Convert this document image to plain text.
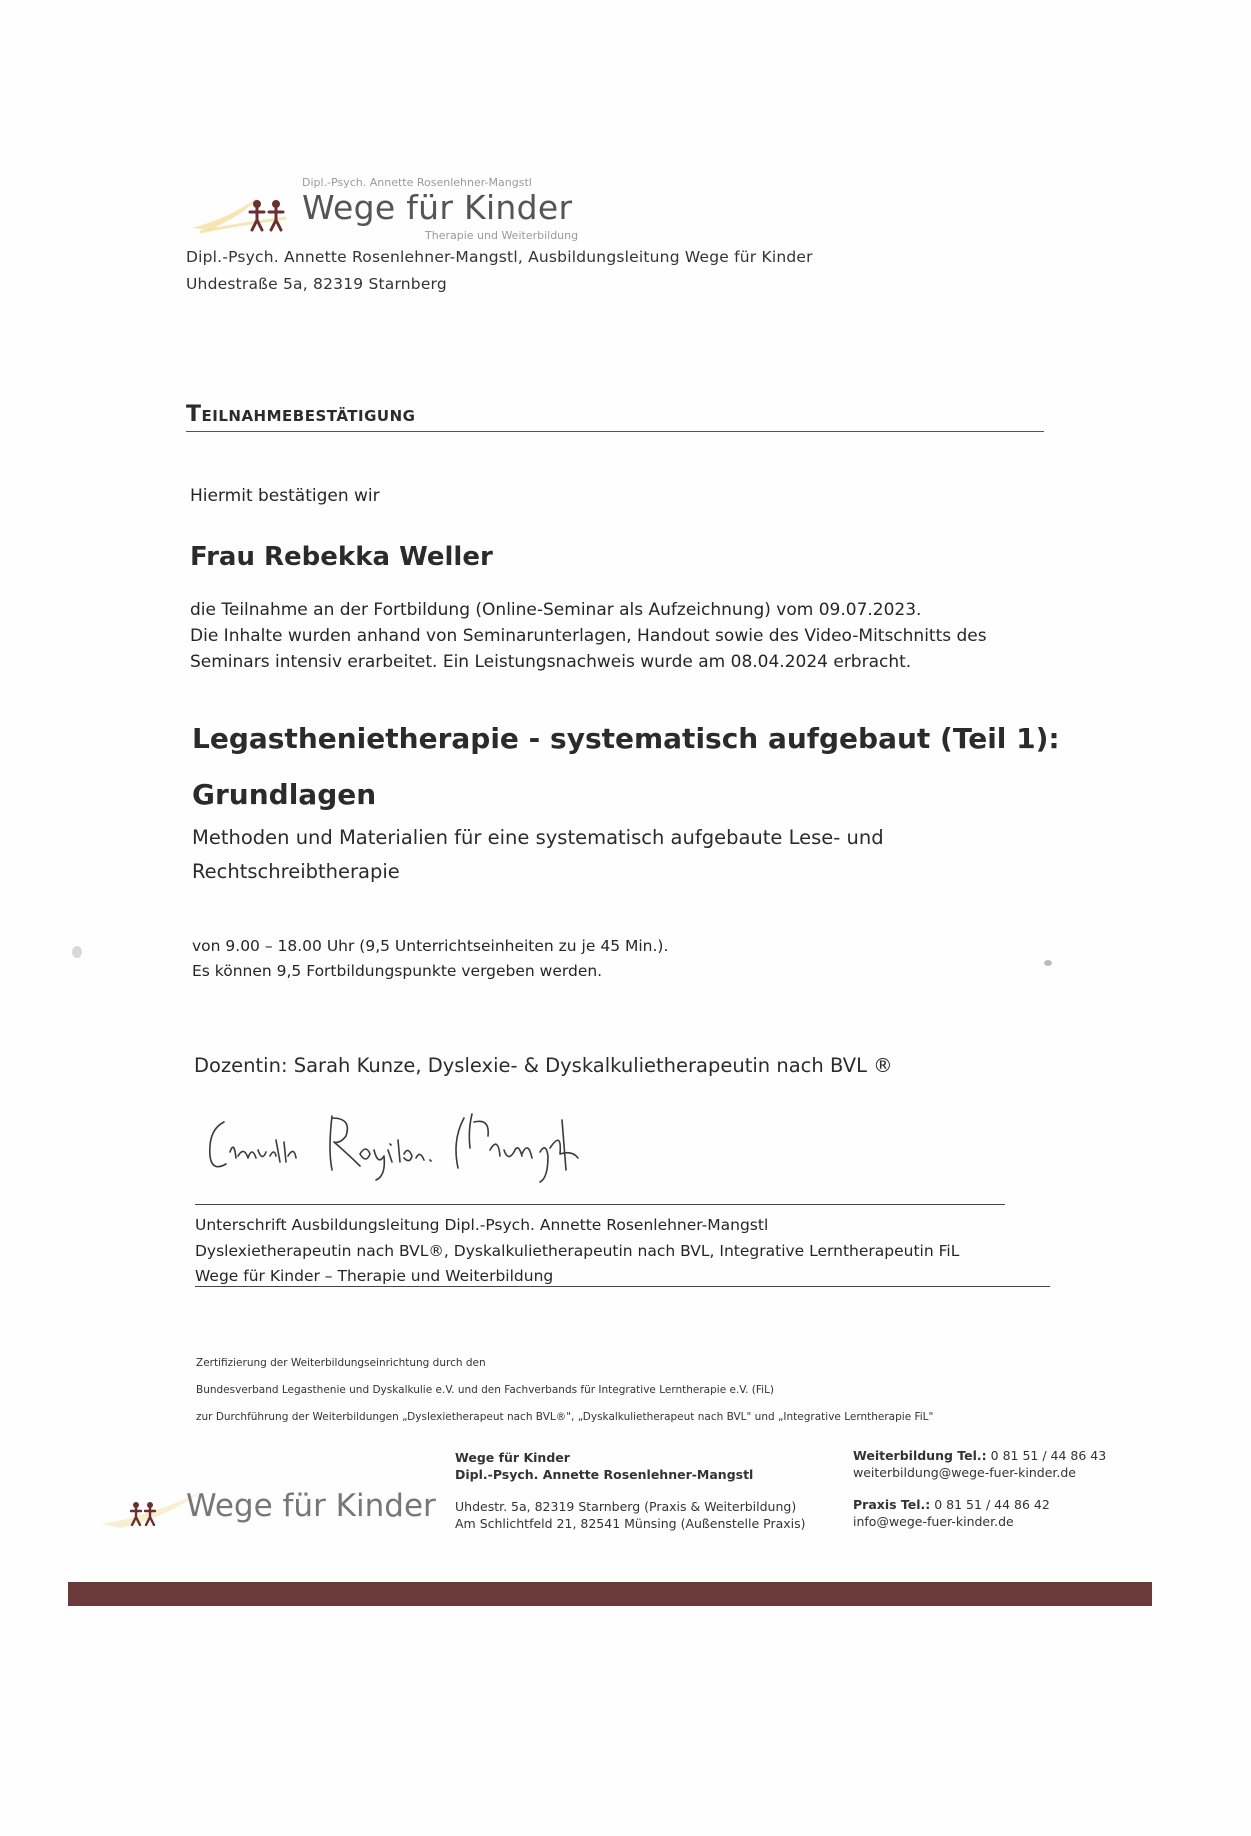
Dipl.-Psych. Annette Rosenlehner-Mangstl
Wege für Kinder
Therapie und Weiterbildung
Dipl.-Psych. Annette Rosenlehner-Mangstl, Ausbildungsleitung Wege für Kinder
Uhdestraße 5a, 82319 Starnberg
Teilnahmebestätigung
Hiermit bestätigen wir
Frau Rebekka Weller
die Teilnahme an der Fortbildung (Online-Seminar als Aufzeichnung) vom 09.07.2023.
Die Inhalte wurden anhand von Seminarunterlagen, Handout sowie des Video-Mitschnitts des
Seminars intensiv erarbeitet. Ein Leistungsnachweis wurde am 08.04.2024 erbracht.
Legasthenietherapie - systematisch aufgebaut (Teil 1):
Grundlagen
Methoden und Materialien für eine systematisch aufgebaute Lese- und
Rechtschreibtherapie
von 9.00 – 18.00 Uhr (9,5 Unterrichtseinheiten zu je 45 Min.).
Es können 9,5 Fortbildungspunkte vergeben werden.
Dozentin: Sarah Kunze, Dyslexie- & Dyskalkulietherapeutin nach BVL ®
Unterschrift Ausbildungsleitung Dipl.-Psych. Annette Rosenlehner-Mangstl
Dyslexietherapeutin nach BVL®, Dyskalkulietherapeutin nach BVL, Integrative Lerntherapeutin FiL
Wege für Kinder – Therapie und Weiterbildung
Zertifizierung der Weiterbildungseinrichtung durch den
Bundesverband Legasthenie und Dyskalkulie e.V. und den Fachverbands für Integrative Lerntherapie e.V. (FiL)
zur Durchführung der Weiterbildungen „Dyslexietherapeut nach BVL®", „Dyskalkulietherapeut nach BVL" und „Integrative Lerntherapie FiL"
Wege für Kinder
Wege für Kinder
Dipl.-Psych. Annette Rosenlehner-Mangstl
Uhdestr. 5a, 82319 Starnberg (Praxis & Weiterbildung)
Am Schlichtfeld 21, 82541 Münsing (Außenstelle Praxis)
Weiterbildung Tel.: 0 81 51 / 44 86 43
weiterbildung@wege-fuer-kinder.de
Praxis Tel.: 0 81 51 / 44 86 42
info@wege-fuer-kinder.de
